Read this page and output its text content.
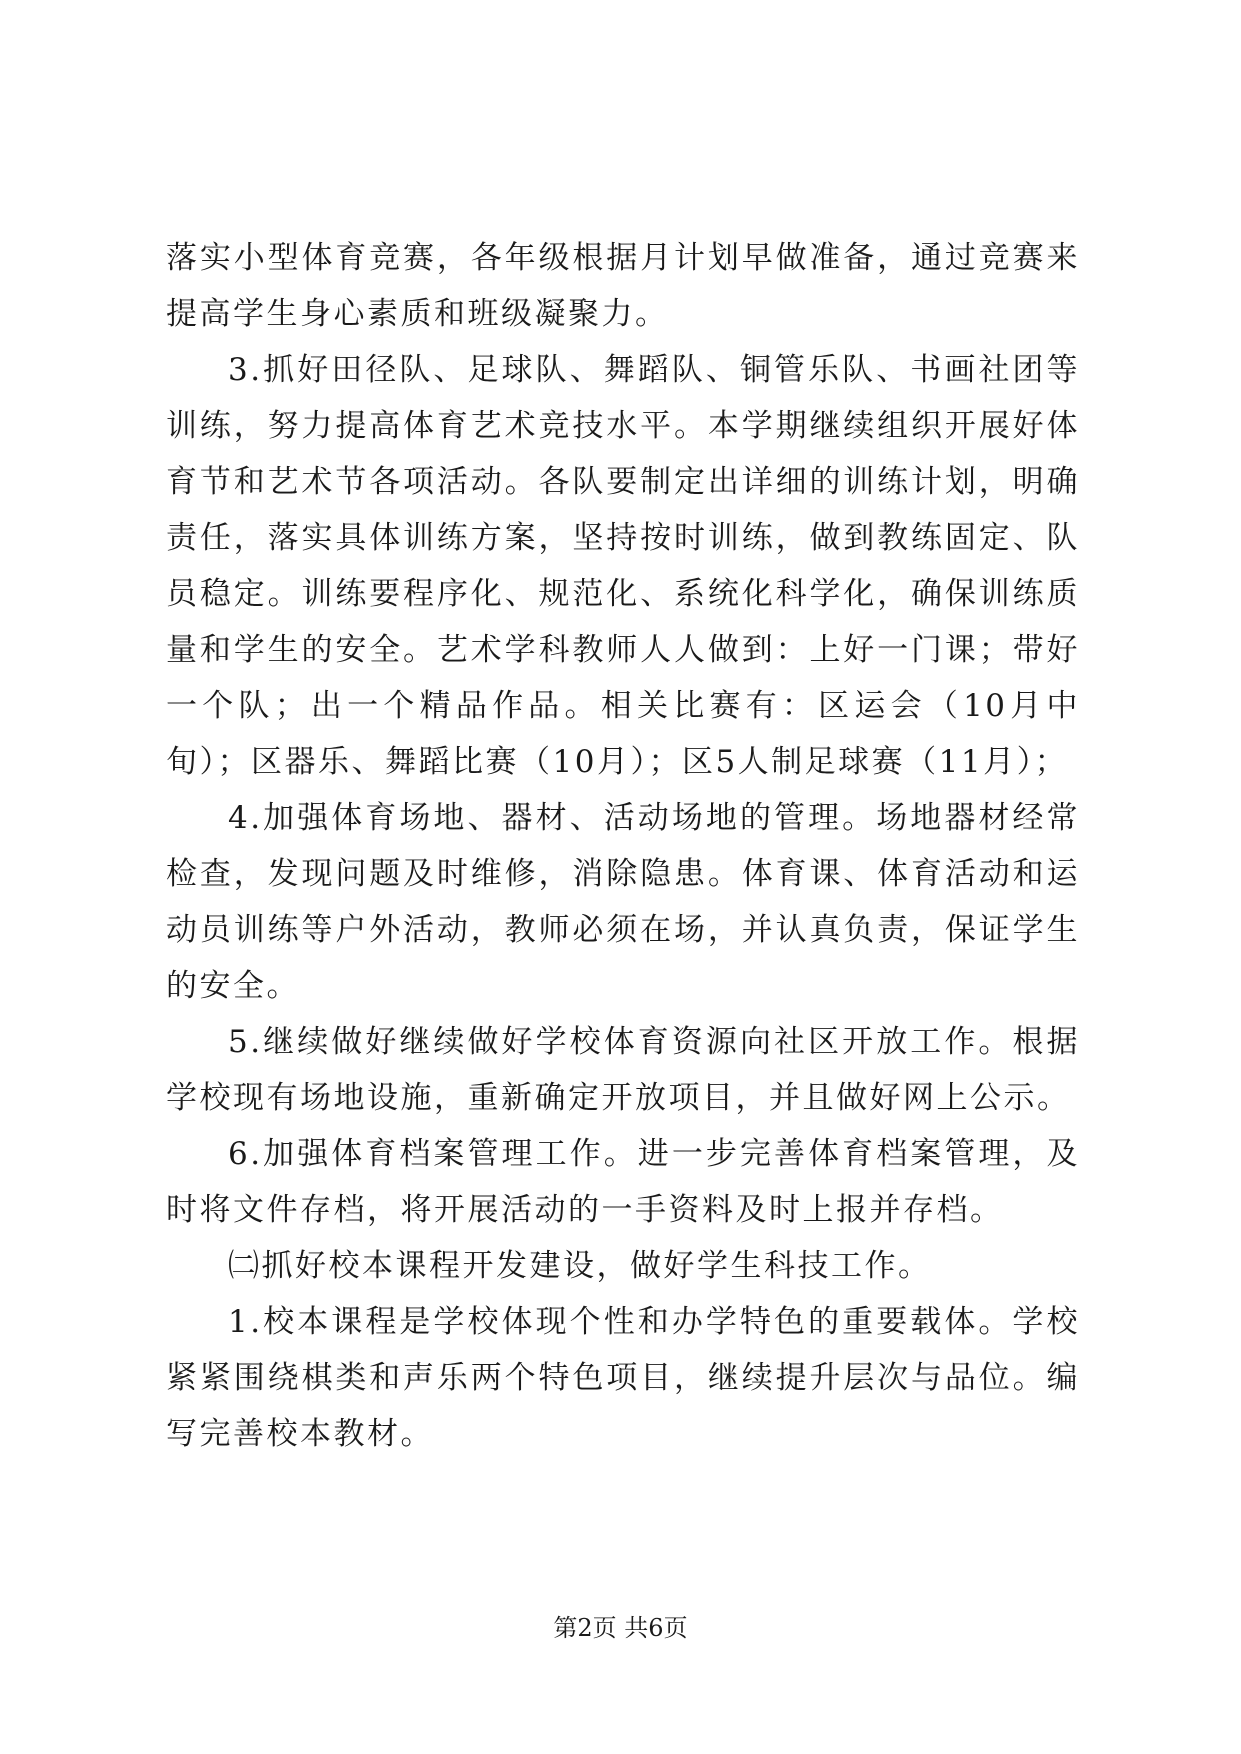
落实小型体育竞赛，各年级根据月计划早做准备，通过竞赛来提高学生身心素质和班级凝聚力。

3.抓好田径队、足球队、舞蹈队、铜管乐队、书画社团等训练，努力提高体育艺术竞技水平。本学期继续组织开展好体育节和艺术节各项活动。各队要制定出详细的训练计划，明确责任，落实具体训练方案，坚持按时训练，做到教练固定、队员稳定。训练要程序化、规范化、系统化科学化，确保训练质量和学生的安全。艺术学科教师人人做到：上好一门课；带好一个队；出一个精品作品。相关比赛有：区运会（10月中旬）；区器乐、舞蹈比赛（10月）；区5人制足球赛（11月）；

4.加强体育场地、器材、活动场地的管理。场地器材经常检查，发现问题及时维修，消除隐患。体育课、体育活动和运动员训练等户外活动，教师必须在场，并认真负责，保证学生的安全。

5.继续做好继续做好学校体育资源向社区开放工作。根据学校现有场地设施，重新确定开放项目，并且做好网上公示。

6.加强体育档案管理工作。进一步完善体育档案管理，及时将文件存档，将开展活动的一手资料及时上报并存档。

㈡抓好校本课程开发建设，做好学生科技工作。

1.校本课程是学校体现个性和办学特色的重要载体。学校紧紧围绕棋类和声乐两个特色项目，继续提升层次与品位。编写完善校本教材。

第2页 共6页
